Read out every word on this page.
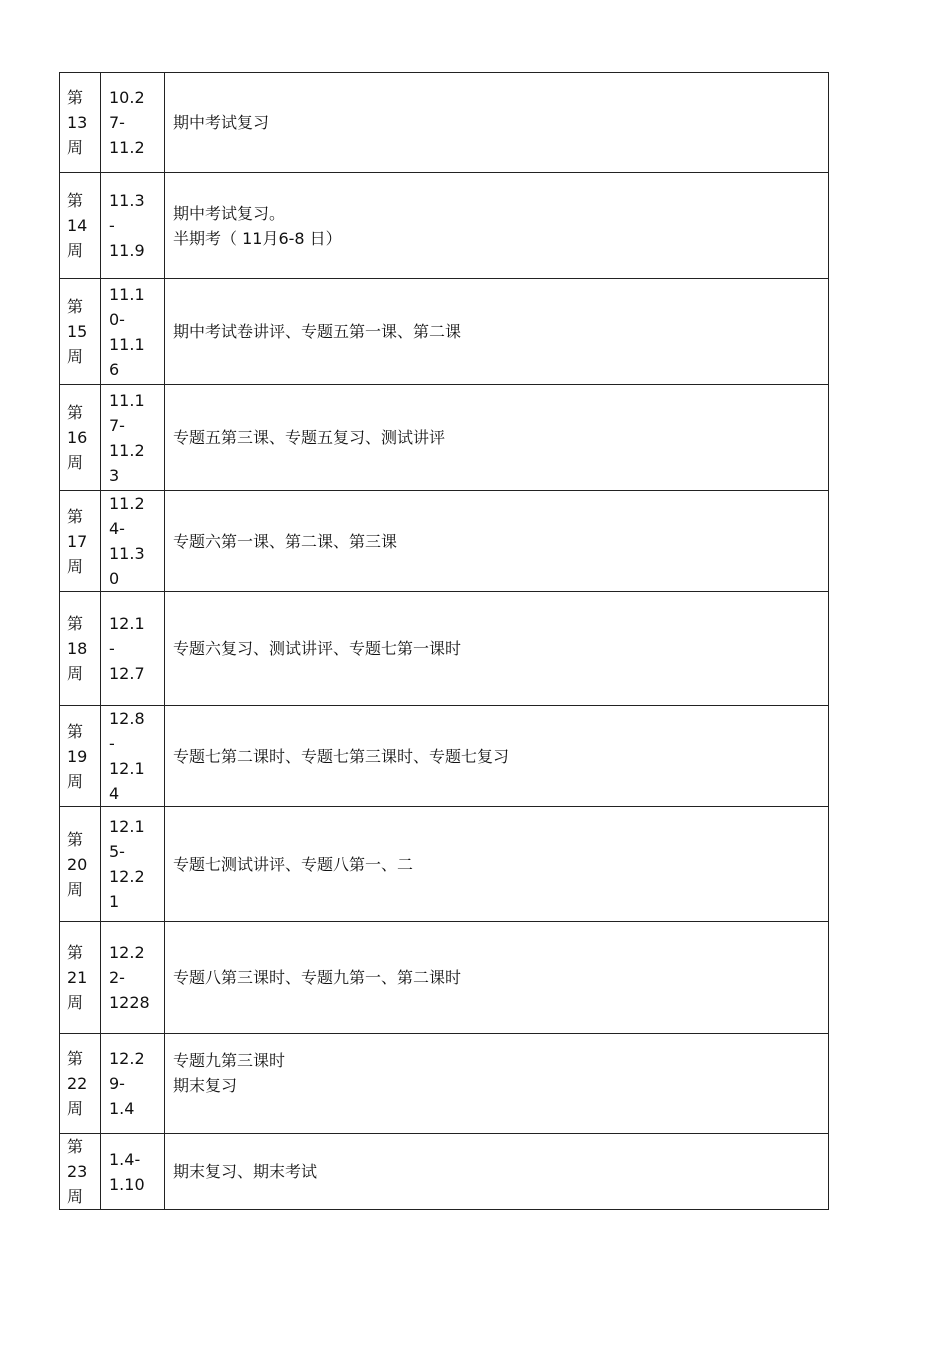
第
13
周	10.2
7-
11.2	期中考试复习

第
14
周	11.3
-
11.9	期中考试复习。
半期考（ 11月6-8 日）

第
15
周	11.1
0-
11.1
6	期中考试卷讲评、专题五第一课、第二课

第
16
周	11.1
7-
11.2
3	专题五第三课、专题五复习、测试讲评

第
17
周	11.2
4-
11.3
0	专题六第一课、第二课、第三课

第
18
周	12.1
-
12.7	专题六复习、测试讲评、专题七第一课时

第
19
周	12.8
-
12.1
4	专题七第二课时、专题七第三课时、专题七复习

第
20
周	12.1
5-
12.2
1	专题七测试讲评、专题八第一、二

第
21
周	12.2
2-
1228	专题八第三课时、专题九第一、第二课时

第
22
周	12.2
9-
1.4	专题九第三课时
期末复习

第
23
周	1.4-
1.10	期末复习、期末考试
